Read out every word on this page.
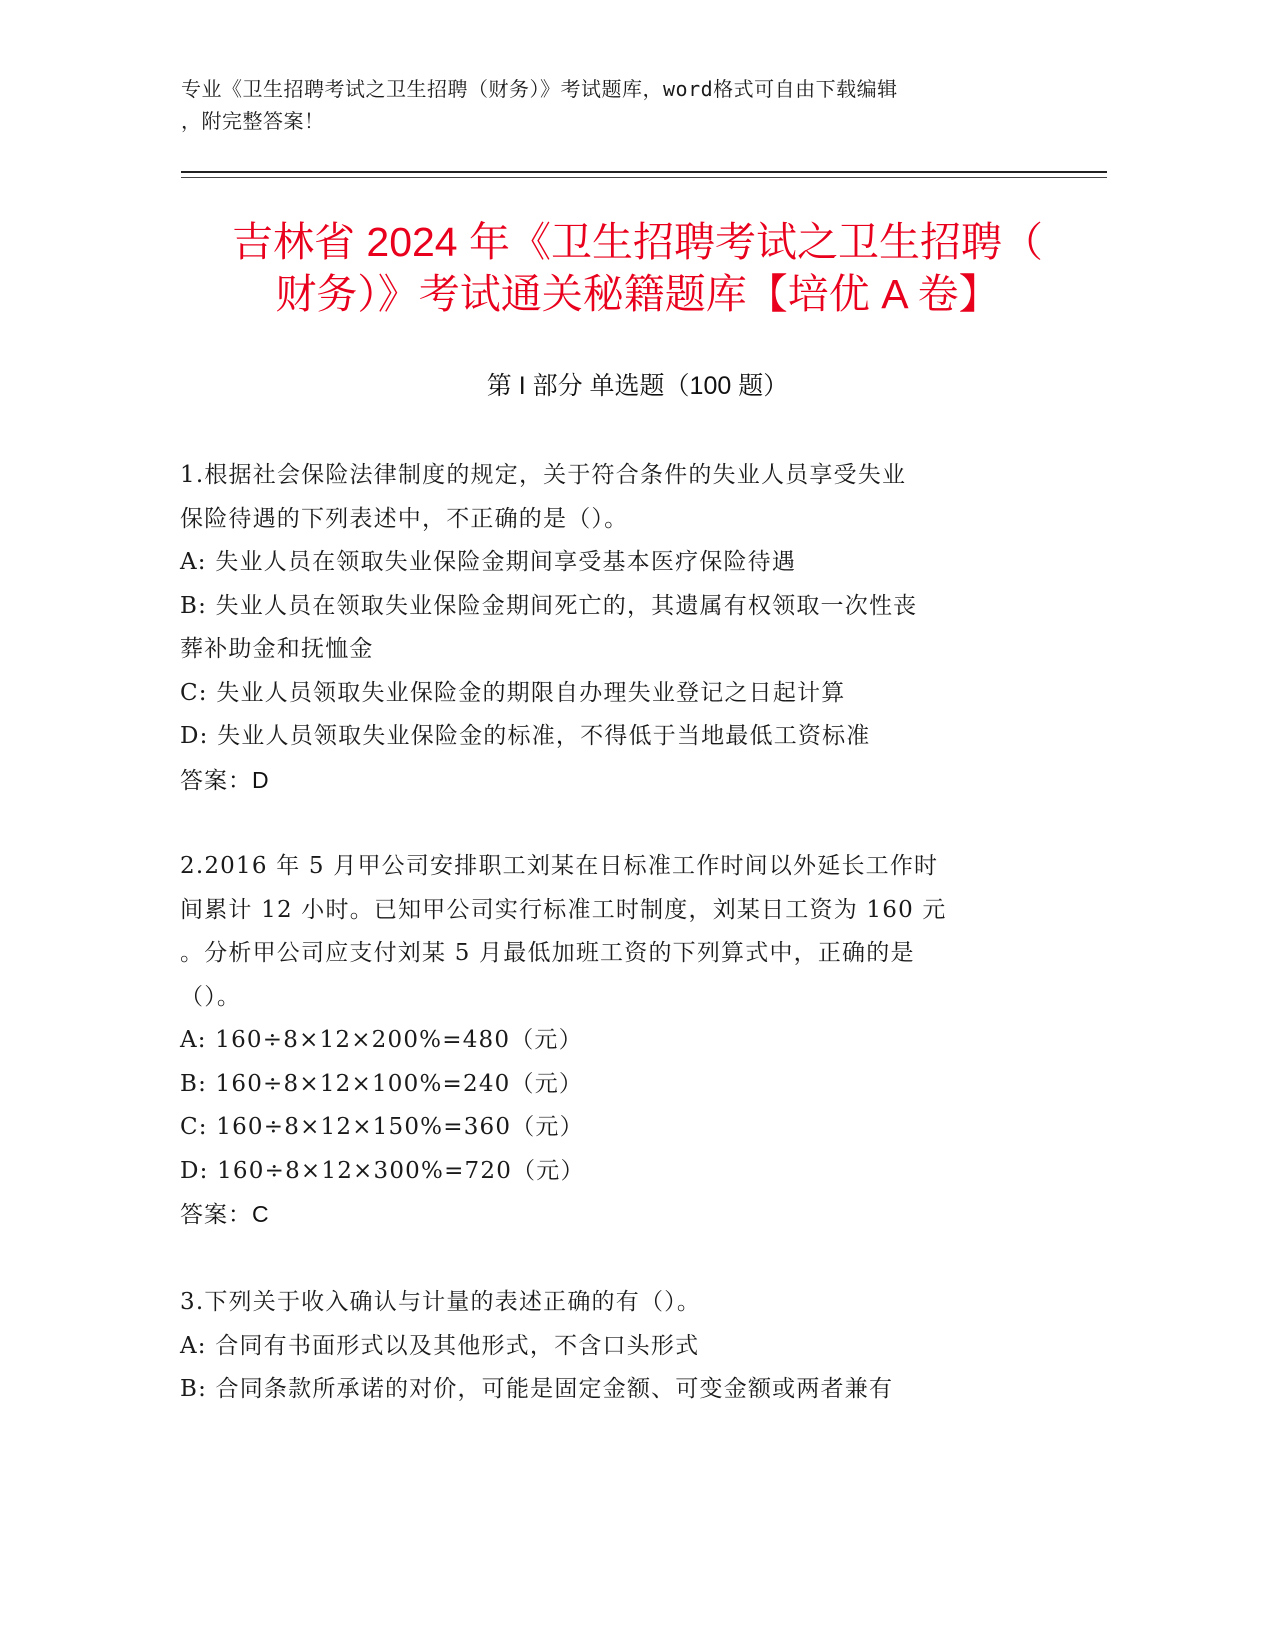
专业《卫生招聘考试之卫生招聘（财务）》考试题库，word格式可自由下载编辑
，附完整答案！
吉林省 2024 年《卫生招聘考试之卫生招聘（
财务）》考试通关秘籍题库【培优 A 卷】
第 I 部分 单选题（100 题）
1.根据社会保险法律制度的规定，关于符合条件的失业人员享受失业
保险待遇的下列表述中，不正确的是（）。
A: 失业人员在领取失业保险金期间享受基本医疗保险待遇
B: 失业人员在领取失业保险金期间死亡的，其遗属有权领取一次性丧
葬补助金和抚恤金
C: 失业人员领取失业保险金的期限自办理失业登记之日起计算
D: 失业人员领取失业保险金的标准，不得低于当地最低工资标准
答案：D
2.2016 年 5 月甲公司安排职工刘某在日标准工作时间以外延长工作时
间累计 12 小时。已知甲公司实行标准工时制度，刘某日工资为 160 元
。分析甲公司应支付刘某 5 月最低加班工资的下列算式中，正确的是
（）。
A: 160÷8×12×200%=480（元）
B: 160÷8×12×100%=240（元）
C: 160÷8×12×150%=360（元）
D: 160÷8×12×300%=720（元）
答案：C
3.下列关于收入确认与计量的表述正确的有（）。
A: 合同有书面形式以及其他形式，不含口头形式
B: 合同条款所承诺的对价，可能是固定金额、可变金额或两者兼有
